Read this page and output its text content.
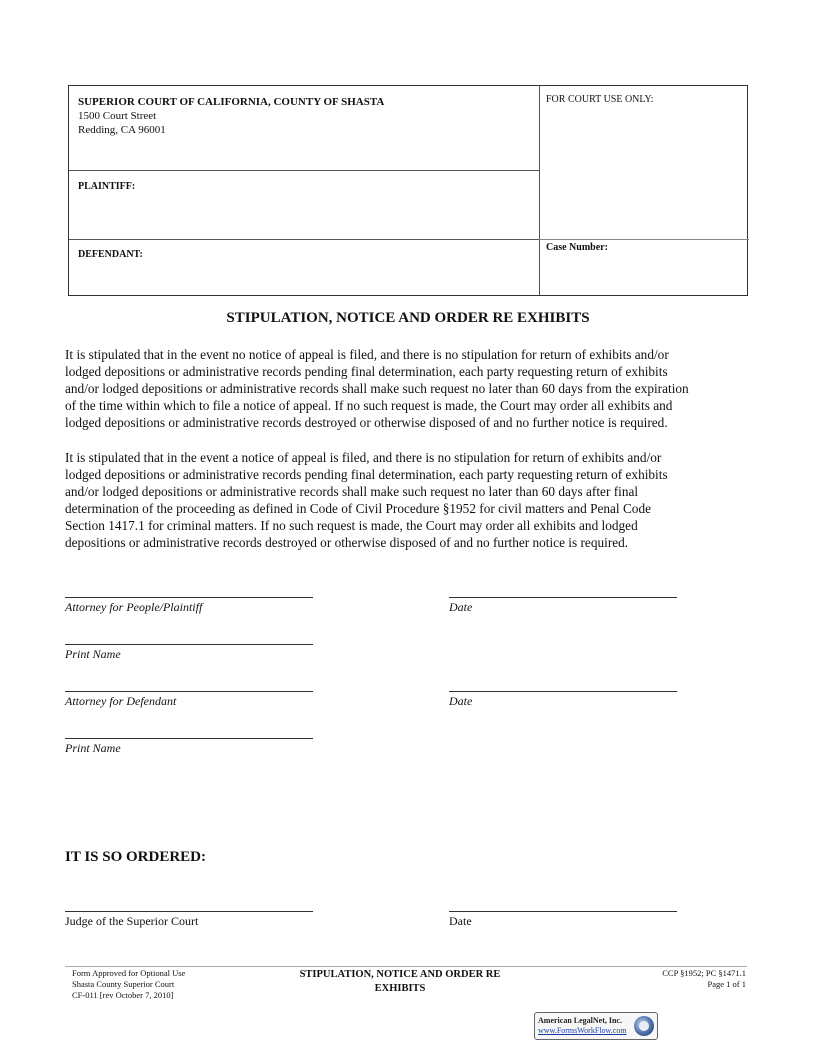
SUPERIOR COURT OF CALIFORNIA, COUNTY OF SHASTA
1500 Court Street
Redding, CA 96001
FOR COURT USE ONLY:
PLAINTIFF:
DEFENDANT:
Case Number:
STIPULATION, NOTICE AND ORDER RE EXHIBITS
It is stipulated that in the event no notice of appeal is filed, and there is no stipulation for return of exhibits and/or
lodged depositions or administrative records pending final determination, each party requesting return of exhibits
and/or lodged depositions or administrative records shall make such request no later than 60 days from the expiration
of the time within which to file a notice of appeal. If no such request is made, the Court may order all exhibits and
lodged depositions or administrative records destroyed or otherwise disposed of and no further notice is required.
It is stipulated that in the event a notice of appeal is filed, and there is no stipulation for return of exhibits and/or
lodged depositions or administrative records pending final determination, each party requesting return of exhibits
and/or lodged depositions or administrative records shall make such request no later than 60 days after final
determination of the proceeding as defined in Code of Civil Procedure §1952 for civil matters and Penal Code
Section 1417.1 for criminal matters. If no such request is made, the Court may order all exhibits and lodged
depositions or administrative records destroyed or otherwise disposed of and no further notice is required.
Attorney for People/Plaintiff	Date
Print Name
Attorney for Defendant	Date
Print Name
IT IS SO ORDERED:
Judge of the Superior Court	Date
Form Approved for Optional Use
Shasta County Superior Court
CF-011 [rev October 7, 2010]
STIPULATION, NOTICE AND ORDER RE
EXHIBITS
CCP §1952; PC §1471.1
Page 1 of 1
American LegalNet, Inc.
www.FormsWorkFlow.com
